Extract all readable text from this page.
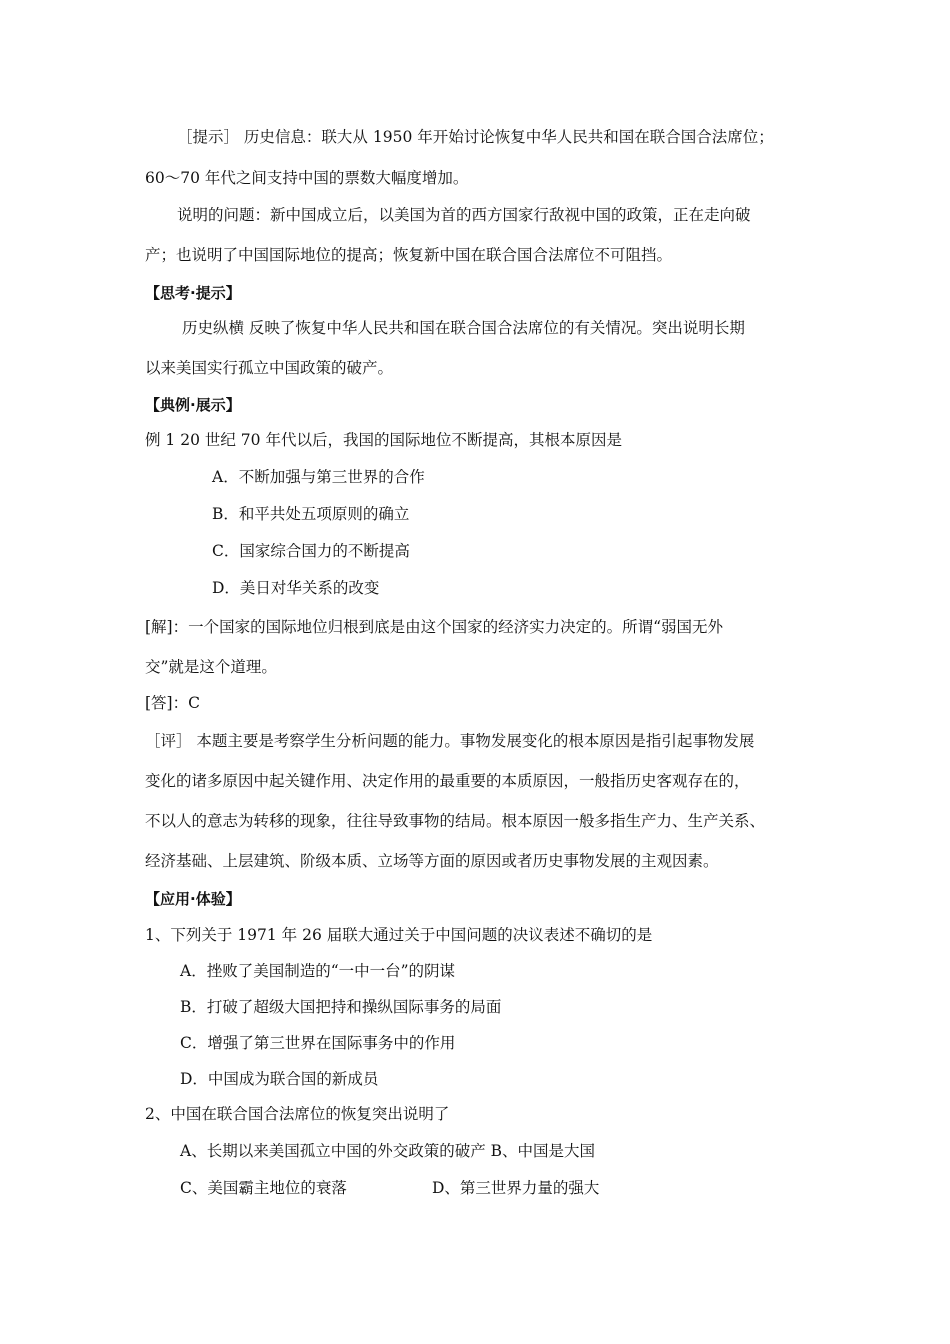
［提示］ 历史信息：联大从 1950 年开始讨论恢复中华人民共和国在联合国合法席位；
60～70 年代之间支持中国的票数大幅度增加。
说明的问题：新中国成立后，以美国为首的西方国家行敌视中国的政策，正在走向破
产；也说明了中国国际地位的提高；恢复新中国在联合国合法席位不可阻挡。
【思考·提示】
历史纵横 反映了恢复中华人民共和国在联合国合法席位的有关情况。突出说明长期
以来美国实行孤立中国政策的破产。
【典例·展示】
例 1 20 世纪 70 年代以后，我国的国际地位不断提高，其根本原因是
A．不断加强与第三世界的合作
B．和平共处五项原则的确立
C．国家综合国力的不断提高
D．美日对华关系的改变
[解]：一个国家的国际地位归根到底是由这个国家的经济实力决定的。所谓“弱国无外
交”就是这个道理。
[答]：C
［评］ 本题主要是考察学生分析问题的能力。事物发展变化的根本原因是指引起事物发展
变化的诸多原因中起关键作用、决定作用的最重要的本质原因，一般指历史客观存在的，
不以人的意志为转移的现象，往往导致事物的结局。根本原因一般多指生产力、生产关系、
经济基础、上层建筑、阶级本质、立场等方面的原因或者历史事物发展的主观因素。
【应用·体验】
1、下列关于 1971 年 26 届联大通过关于中国问题的决议表述不确切的是
A．挫败了美国制造的“一中一台”的阴谋
B．打破了超级大国把持和操纵国际事务的局面
C．增强了第三世界在国际事务中的作用
D．中国成为联合国的新成员
2、中国在联合国合法席位的恢复突出说明了
A、长期以来美国孤立中国的外交政策的破产 B、中国是大国
C、美国霸主地位的衰落	D、第三世界力量的强大
